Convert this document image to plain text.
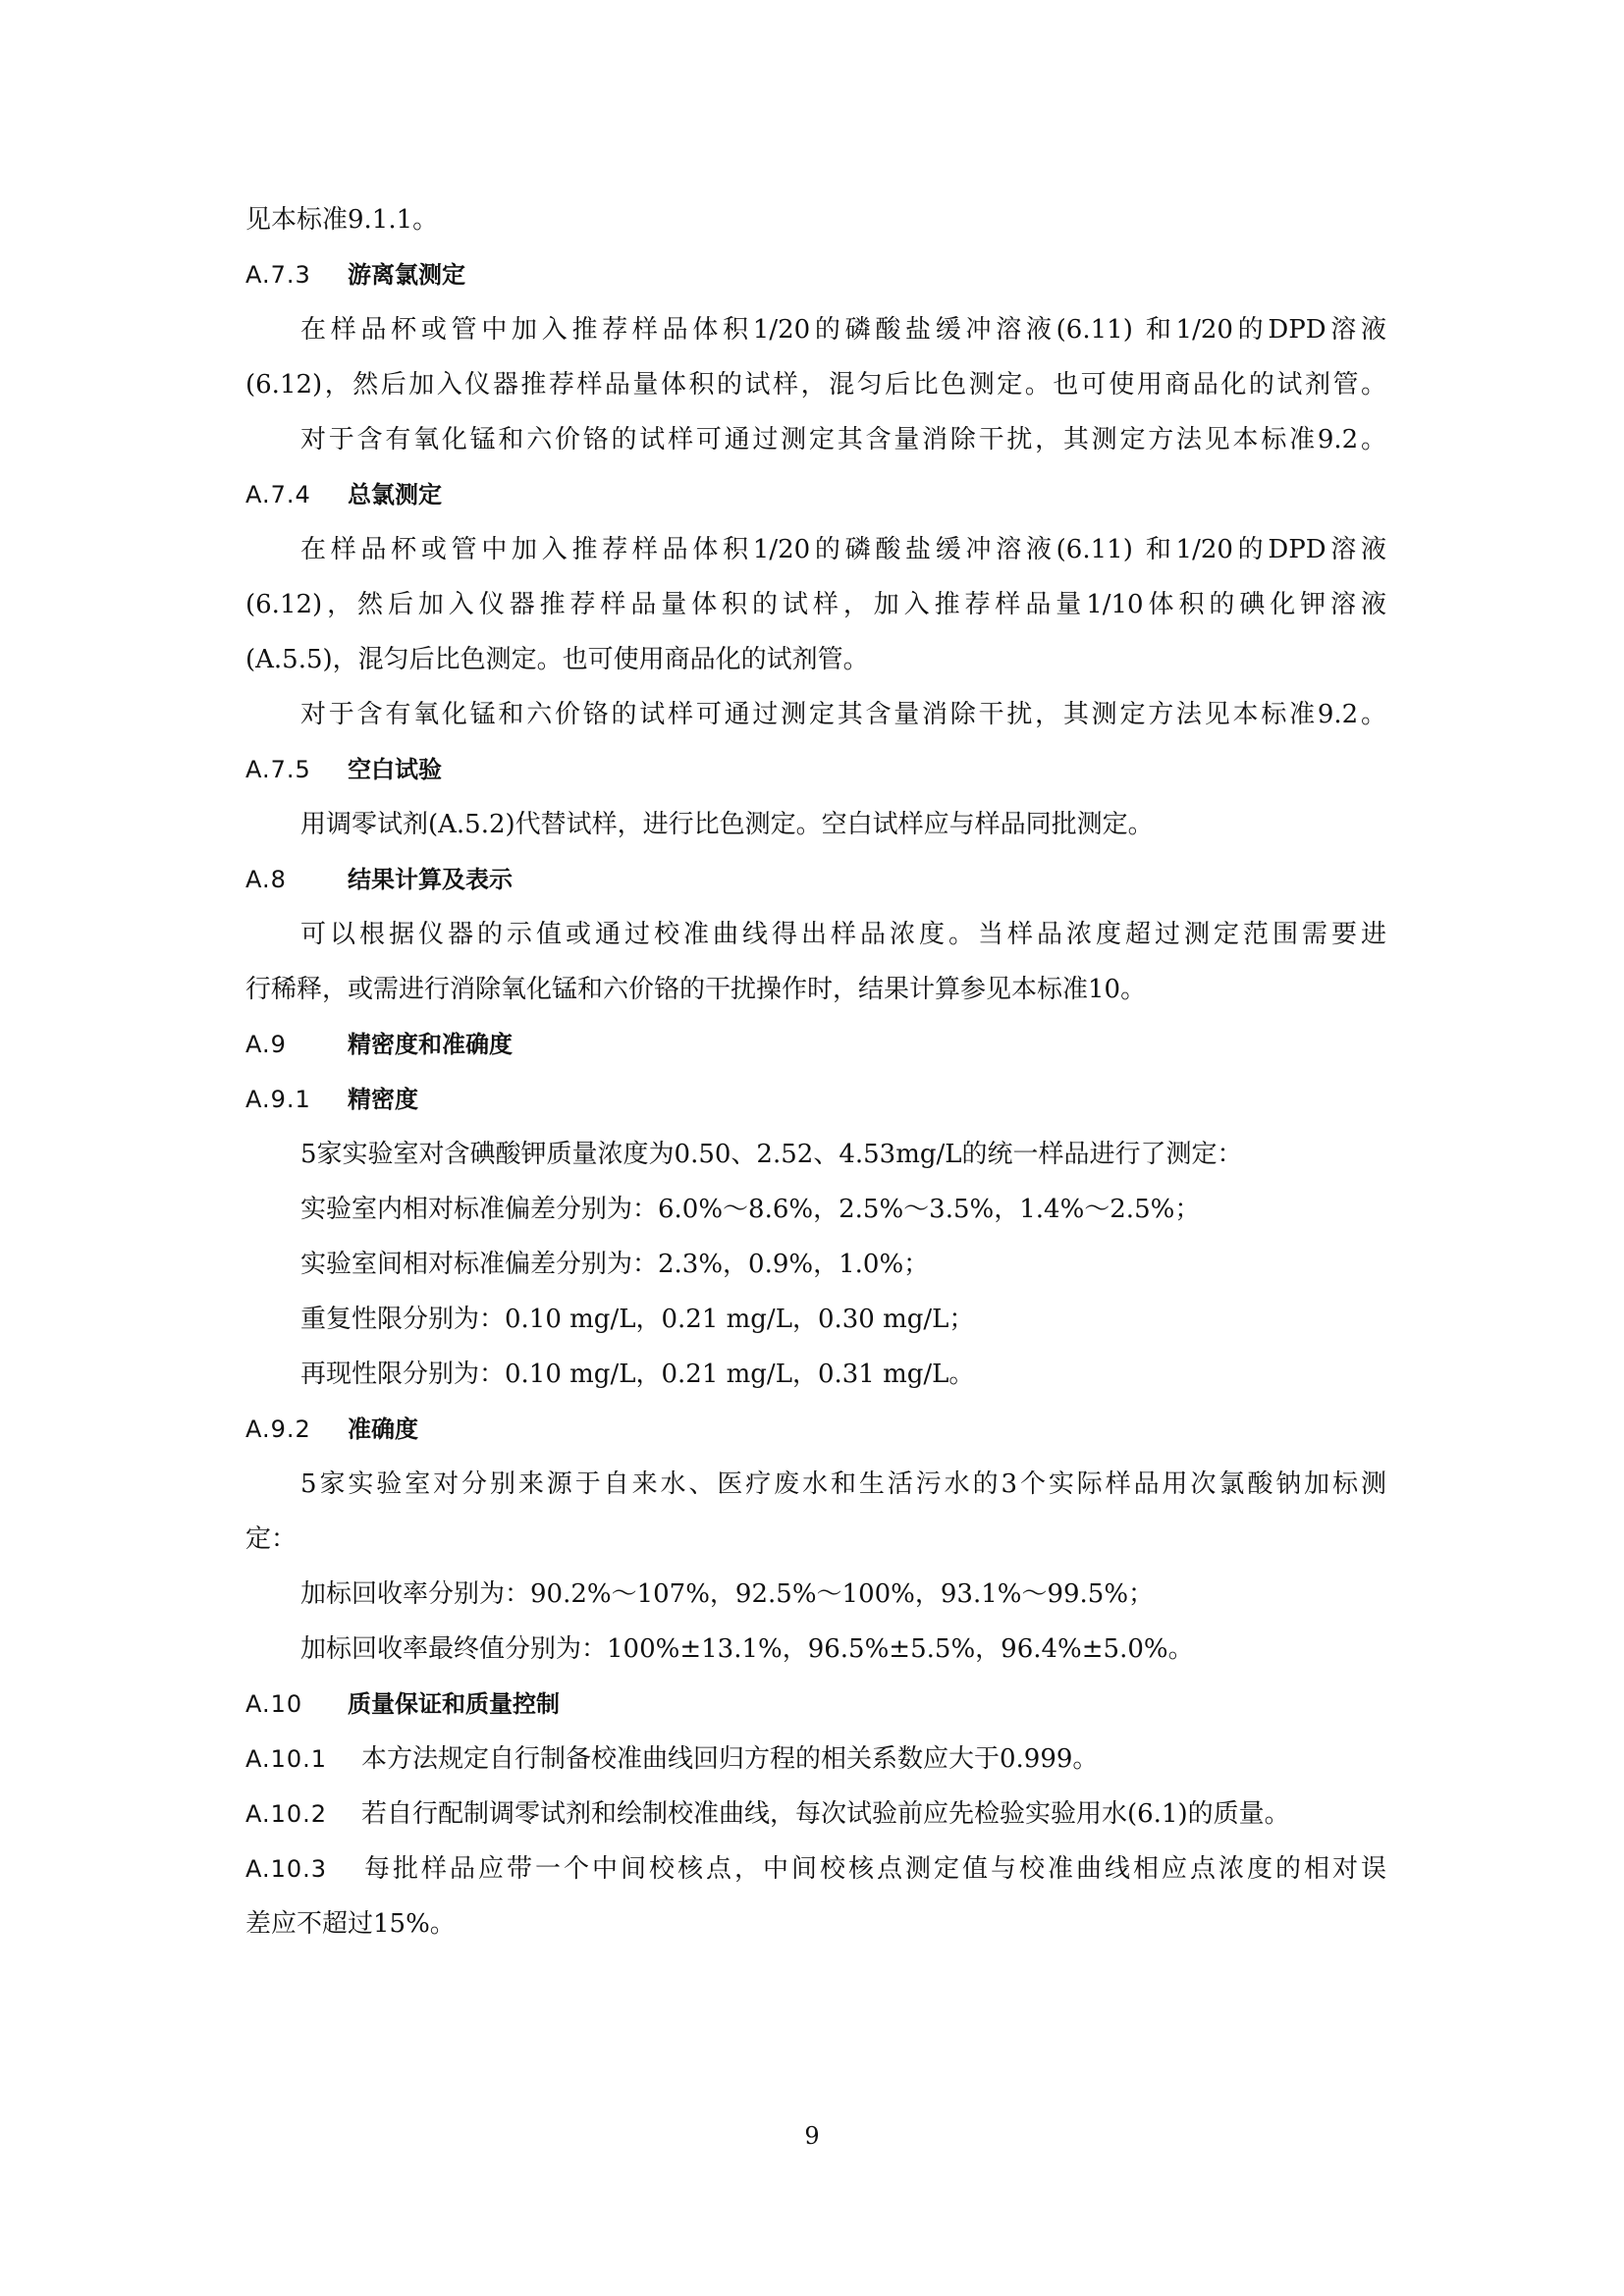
见本标准9.1.1。

A.7.3 游离氯测定

在样品杯或管中加入推荐样品体积1/20的磷酸盐缓冲溶液(6.11) 和1/20的DPD溶液

(6.12)，然后加入仪器推荐样品量体积的试样，混匀后比色测定。也可使用商品化的试剂管。

对于含有氧化锰和六价铬的试样可通过测定其含量消除干扰，其测定方法见本标准9.2。

A.7.4 总氯测定

在样品杯或管中加入推荐样品体积1/20的磷酸盐缓冲溶液(6.11) 和1/20的DPD溶液

(6.12)，然后加入仪器推荐样品量体积的试样，加入推荐样品量1/10体积的碘化钾溶液

(A.5.5)，混匀后比色测定。也可使用商品化的试剂管。

对于含有氧化锰和六价铬的试样可通过测定其含量消除干扰，其测定方法见本标准9.2。

A.7.5 空白试验

用调零试剂(A.5.2)代替试样，进行比色测定。空白试样应与样品同批测定。

A.8	结果计算及表示

可以根据仪器的示值或通过校准曲线得出样品浓度。当样品浓度超过测定范围需要进

行稀释，或需进行消除氧化锰和六价铬的干扰操作时，结果计算参见本标准10。

A.9	精密度和准确度

A.9.1 精密度

5家实验室对含碘酸钾质量浓度为0.50、2.52、4.53mg/L的统一样品进行了测定：

实验室内相对标准偏差分别为：6.0%～8.6%，2.5%～3.5%，1.4%～2.5%；

实验室间相对标准偏差分别为：2.3%，0.9%，1.0%；

重复性限分别为：0.10 mg/L，0.21 mg/L，0.30 mg/L；

再现性限分别为：0.10 mg/L，0.21 mg/L，0.31 mg/L。

A.9.2 准确度

5家实验室对分别来源于自来水、医疗废水和生活污水的3个实际样品用次氯酸钠加标测

定：

加标回收率分别为：90.2%～107%，92.5%～100%，93.1%～99.5%；

加标回收率最终值分别为：100%±13.1%，96.5%±5.5%，96.4%±5.0%。

A.10 质量保证和质量控制

A.10.1 本方法规定自行制备校准曲线回归方程的相关系数应大于0.999。

A.10.2 若自行配制调零试剂和绘制校准曲线，每次试验前应先检验实验用水(6.1)的质量。

A.10.3 每批样品应带一个中间校核点，中间校核点测定值与校准曲线相应点浓度的相对误

差应不超过15%。

9
